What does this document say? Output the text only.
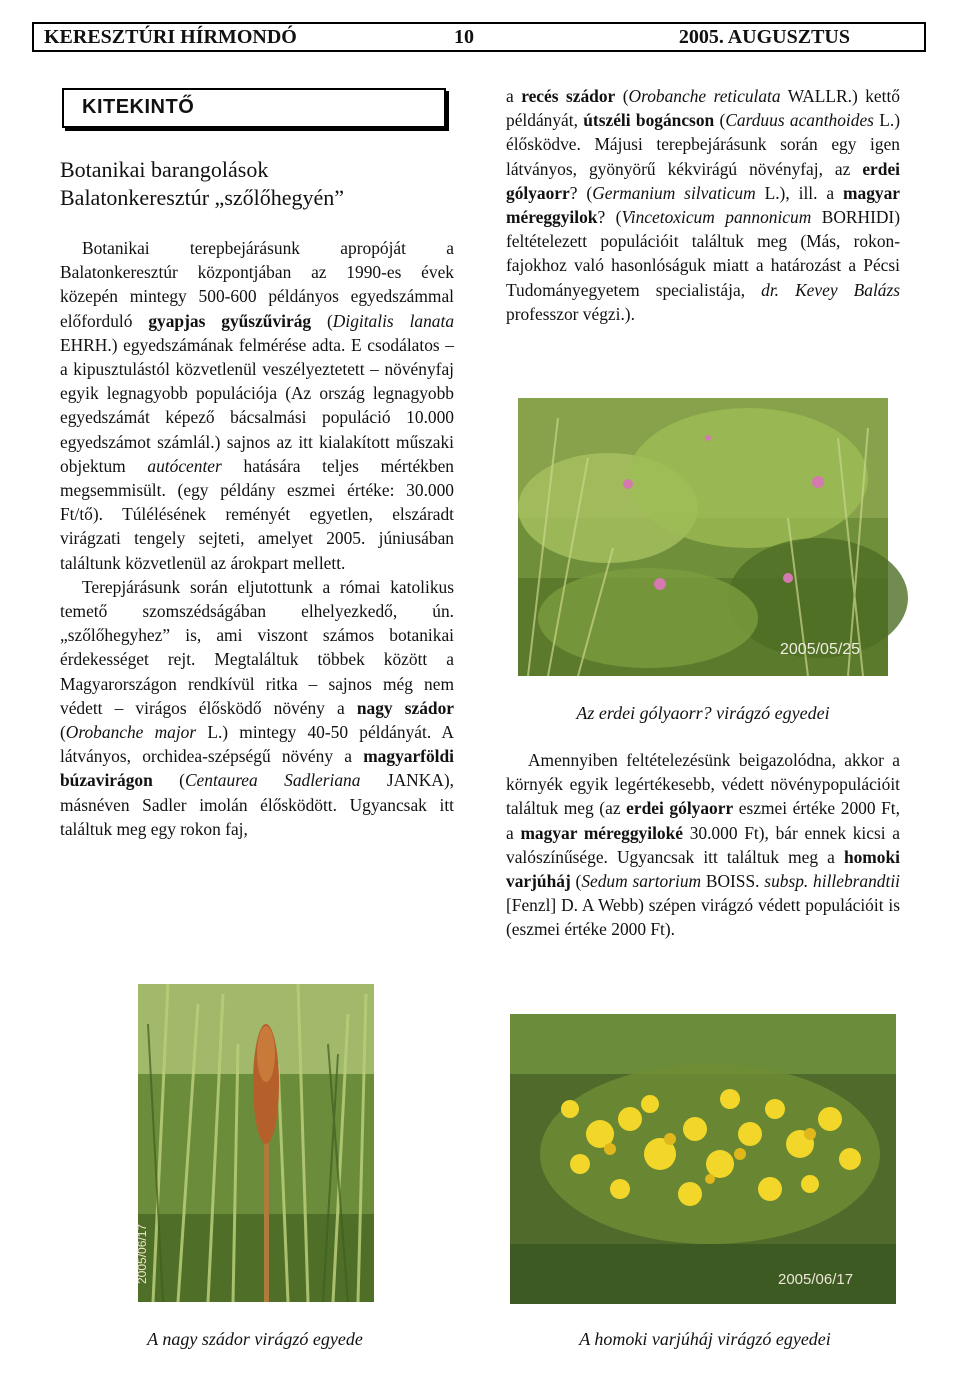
KERESZTÚRI HÍRMONDÓ	10	2005. AUGUSZTUS
KITEKINTŐ
Botanikai barangolások
Balatonkeresztúr „szőlőhegyén”

Botanikai terepbejárásunk apropóját a Balatonkeresztúr központjában az 1990-es évek közepén mintegy 500-600 példányos egyedszámmal előforduló gyapjas gyűszűvirág (Digitalis lanata EHRH.) egyedszámának felmérése adta. E csodálatos – a kipusztulástól közvetlenül veszélyeztetett – növényfaj egyik legnagyobb populációja (Az ország legnagyobb egyedszámát képező bácsalmási populáció 10.000 egyedszámot számlál.) sajnos az itt kialakított műszaki objektum autócenter hatására teljes mértékben megsemmisült. (egy példány eszmei értéke: 30.000 Ft/tő). Túlélésének reményét egyetlen, elszáradt virágzati tengely sejteti, amelyet 2005. júniusában találtunk közvetlenül az árokpart mellett.

Terepjárásunk során eljutottunk a római katolikus temető szomszédságában elhelyezkedő, ún. „szőlőhegyhez” is, ami viszont számos botanikai érdekességet rejt. Megtaláltuk többek között a Magyarországon rendkívül ritka – sajnos még nem védett – virágos élősködő növény a nagy szádor (Orobanche major L.) mintegy 40-50 példányát. A látványos, orchidea-szépségű növény a magyarföldi búzavirágon (Centaurea Sadleriana JANKA), másnéven Sadler imolán élősködött. Ugyancsak itt találtuk meg egy rokon faj,

a recés szádor (Orobanche reticulata WALLR.) kettő példányát, útszéli bogáncson (Carduus acanthoides L.) élősködve. Májusi terepbejárásunk során egy igen látványos, gyönyörű kékvirágú növényfaj, az erdei gólyaorr? (Germanium silvaticum L.), ill. a magyar méreggyilok? (Vincetoxicum pannonicum BORHIDI) feltételezett populációit találtuk meg (Más, rokon-fajokhoz való hasonlóságuk miatt a határozást a Pécsi Tudományegyetem specialistája, dr. Kevey Balázs professzor végzi.).

2005/05/25
Az erdei gólyaorr? virágzó egyedei

Amennyiben feltételezésünk beigazolódna, akkor a környék egyik legértékesebb, védett növénypopulációit találtuk meg (az erdei gólyaorr eszmei értéke 2000 Ft, a magyar méreggyiloké 30.000 Ft), bár ennek kicsi a valószínűsége. Ugyancsak itt találtuk meg a homoki varjúháj (Sedum sartorium BOISS. subsp. hillebrandtii [Fenzl] D. A Webb) szépen virágzó védett populációit is (eszmei értéke 2000 Ft).

2005/06/17
A nagy szádor virágzó egyede
2005/06/17
A homoki varjúháj virágzó egyedei
